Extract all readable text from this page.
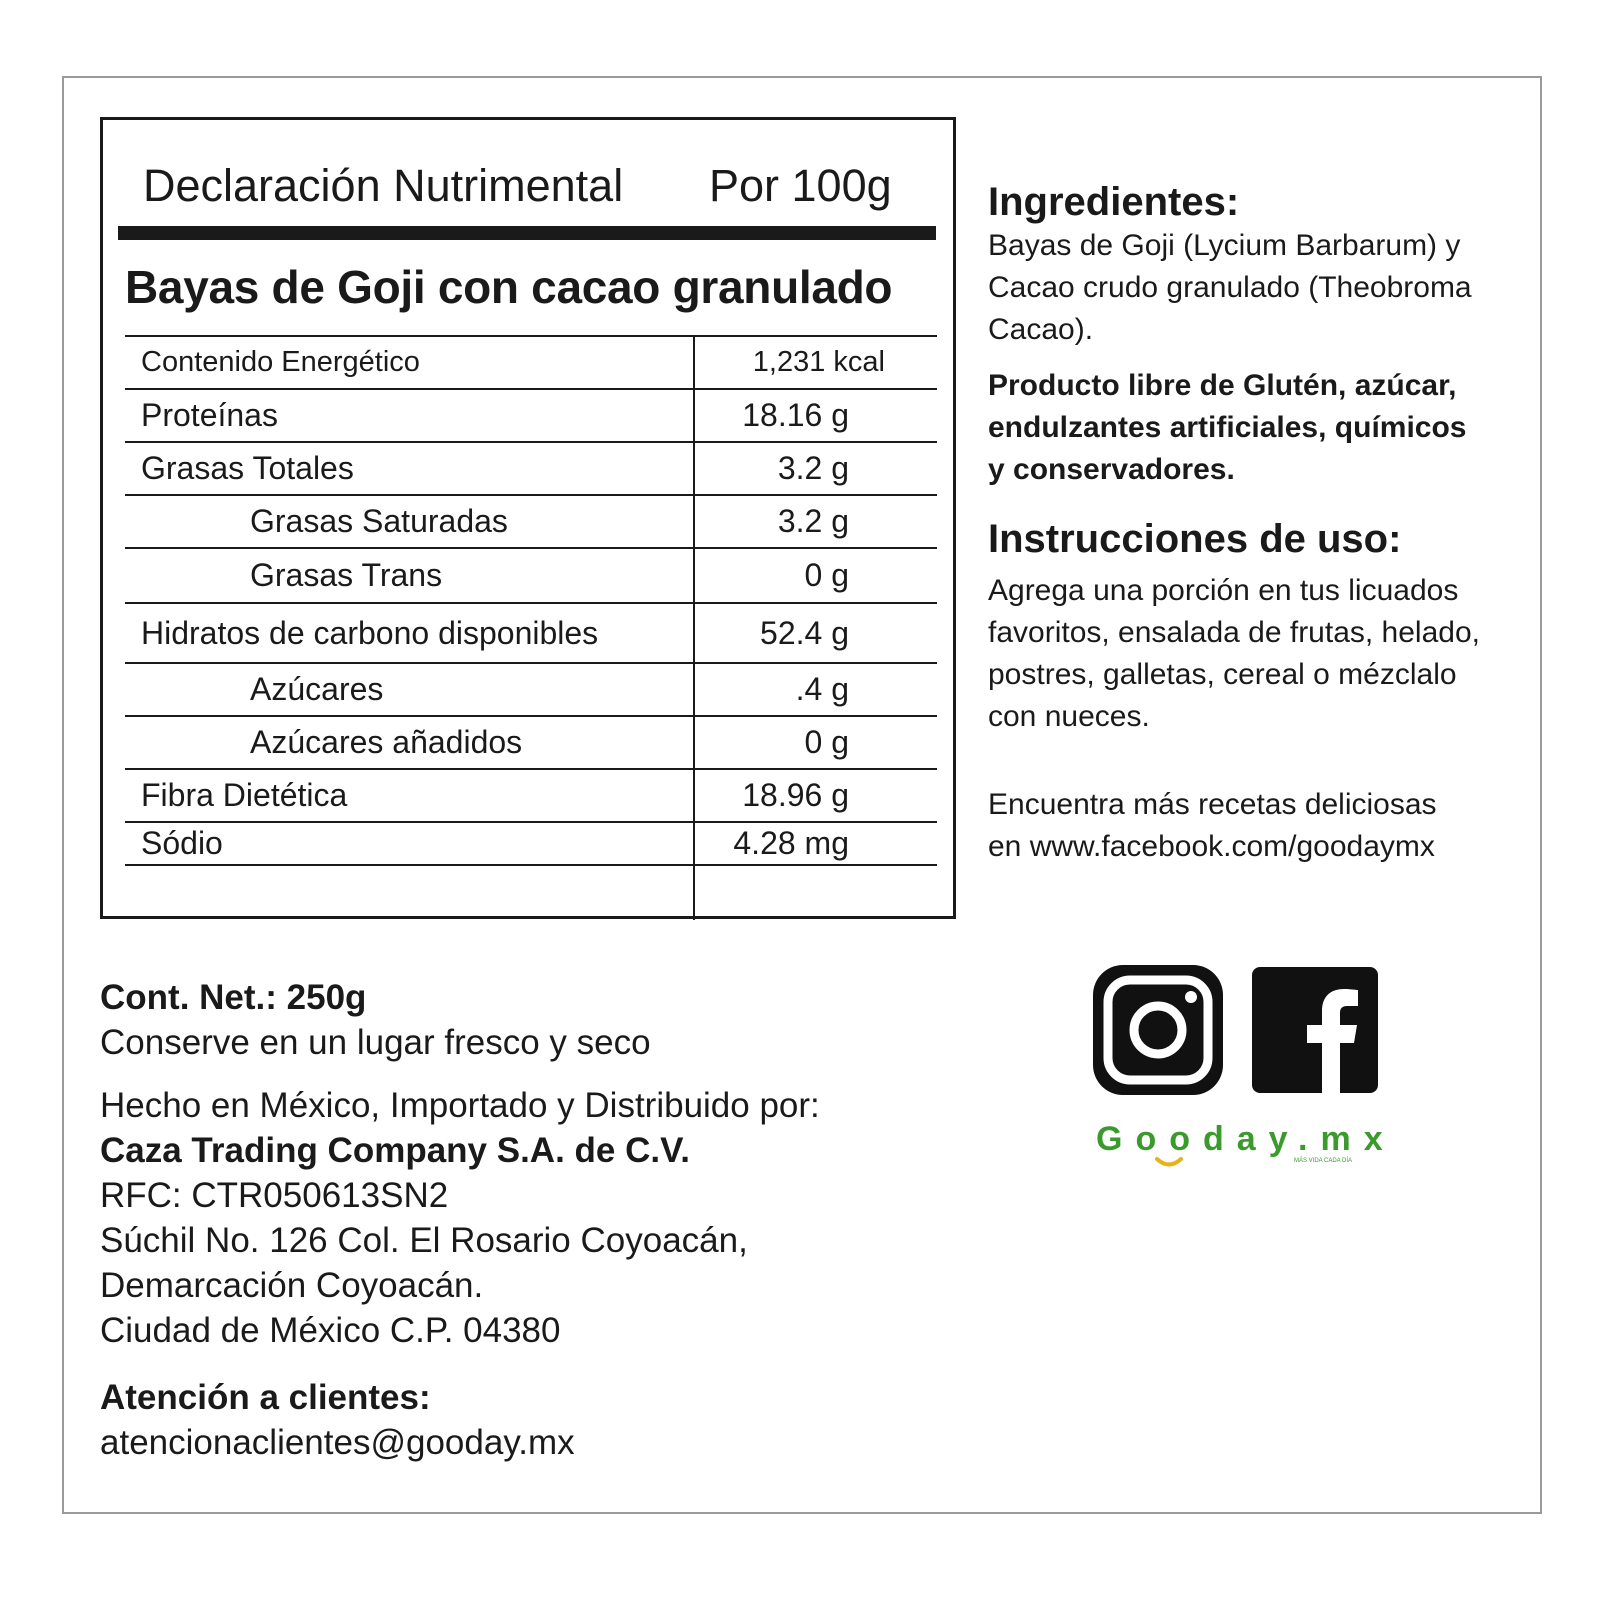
Declaración Nutrimental Por 100g
Bayas de Goji con cacao granulado
Contenido Energético	1,231 kcal
Proteínas	18.16 g
Grasas Totales	3.2 g
Grasas Saturadas	3.2 g
Grasas Trans	0 g
Hidratos de carbono disponibles	52.4 g
Azúcares	.4 g
Azúcares añadidos	0 g
Fibra Dietética	18.96 g
Sódio	4.28 mg
Ingredientes:

Bayas de Goji (Lycium Barbarum) y

Cacao crudo granulado (Theobroma

Cacao).

Producto libre de Glutén, azúcar,

endulzantes artificiales, químicos

y conservadores.

Instrucciones de uso:

Agrega una porción en tus licuados

favoritos, ensalada de frutas, helado,

postres, galletas, cereal o mézclalo

con nueces.

Encuentra más recetas deliciosas

en www.facebook.com/goodaymx

Cont. Net.: 250g

Conserve en un lugar fresco y seco

Hecho en México, Importado y Distribuido por:

Caza Trading Company S.A. de C.V.

RFC: CTR050613SN2

Súchil No. 126 Col. El Rosario Coyoacán,

Demarcación Coyoacán.

Ciudad de México C.P. 04380

Atención a clientes:

atencionaclientes@gooday.mx

Gooday.mx
MÁS VIDA CADA DÍA
